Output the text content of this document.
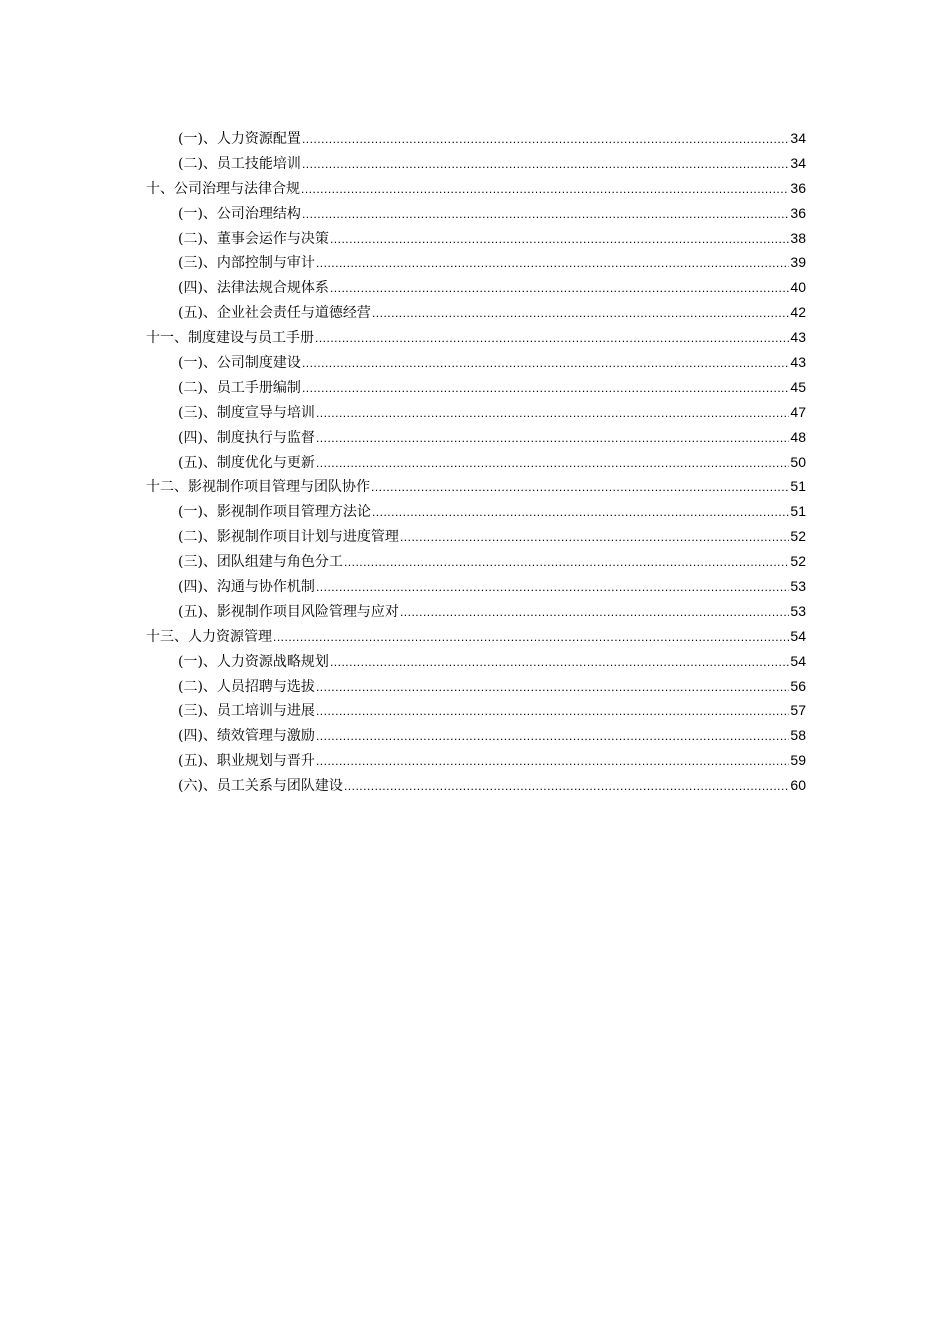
(一)、人力资源配置 .....	34
(二)、员工技能培训 .....	34
十、公司治理与法律合规 .....	36
(一)、公司治理结构 .....	36
(二)、董事会运作与决策 .....	38
(三)、内部控制与审计 .....	39
(四)、法律法规合规体系 .....	40
(五)、企业社会责任与道德经营 .....	42
十一、制度建设与员工手册 .....	43
(一)、公司制度建设 .....	43
(二)、员工手册编制 .....	45
(三)、制度宣导与培训 .....	47
(四)、制度执行与监督 .....	48
(五)、制度优化与更新 .....	50
十二、影视制作项目管理与团队协作 .....	51
(一)、影视制作项目管理方法论 .....	51
(二)、影视制作项目计划与进度管理 .....	52
(三)、团队组建与角色分工 .....	52
(四)、沟通与协作机制 .....	53
(五)、影视制作项目风险管理与应对 .....	53
十三、人力资源管理 .....	54
(一)、人力资源战略规划 .....	54
(二)、人员招聘与选拔 .....	56
(三)、员工培训与进展 .....	57
(四)、绩效管理与激励 .....	58
(五)、职业规划与晋升 .....	59
(六)、员工关系与团队建设 .....	60
